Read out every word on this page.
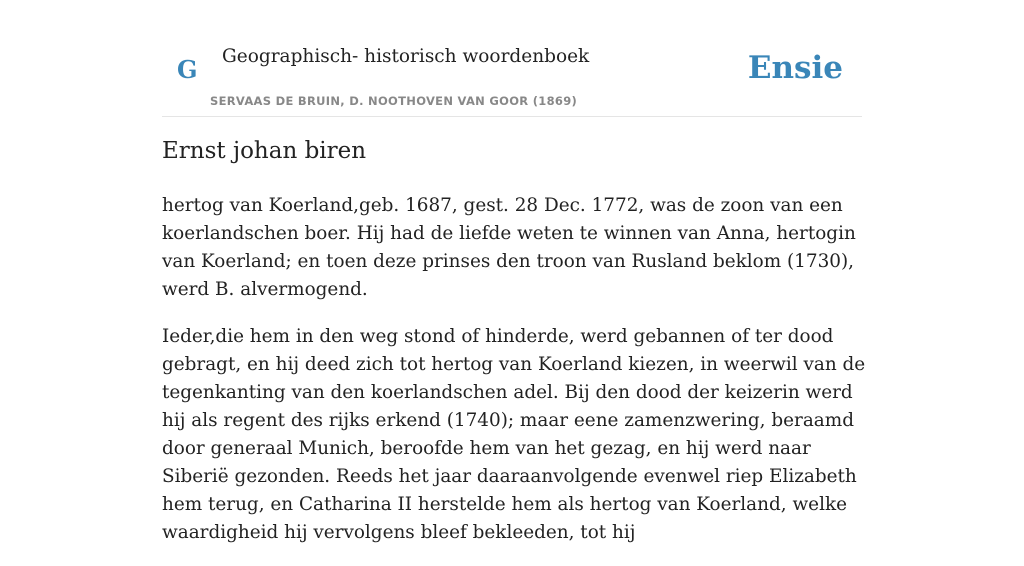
G Geographisch- historisch woordenboek
SERVAAS DE BRUIN, D. NOOTHOVEN VAN GOOR (1869)
Ensie
Ernst johan biren

hertog van Koerland,geb. 1687, gest. 28 Dec. 1772, was de zoon van een koerlandschen boer. Hij had de liefde weten te winnen van Anna, hertogin van Koerland; en toen deze prinses den troon van Rusland beklom (1730), werd B. alvermogend.

Ieder,die hem in den weg stond of hinderde, werd gebannen of ter dood gebragt, en hij deed zich tot hertog van Koerland kiezen, in weerwil van de tegenkanting van den koerlandschen adel. Bij den dood der keizerin werd hij als regent des rijks erkend (1740); maar eene zamenzwering, beraamd door generaal Munich, beroofde hem van het gezag, en hij werd naar Siberië gezonden. Reeds het jaar daaraanvolgende evenwel riep Elizabeth hem terug, en Catharina II herstelde hem als hertog van Koerland, welke waardigheid hij vervolgens bleef bekleeden, tot hij
